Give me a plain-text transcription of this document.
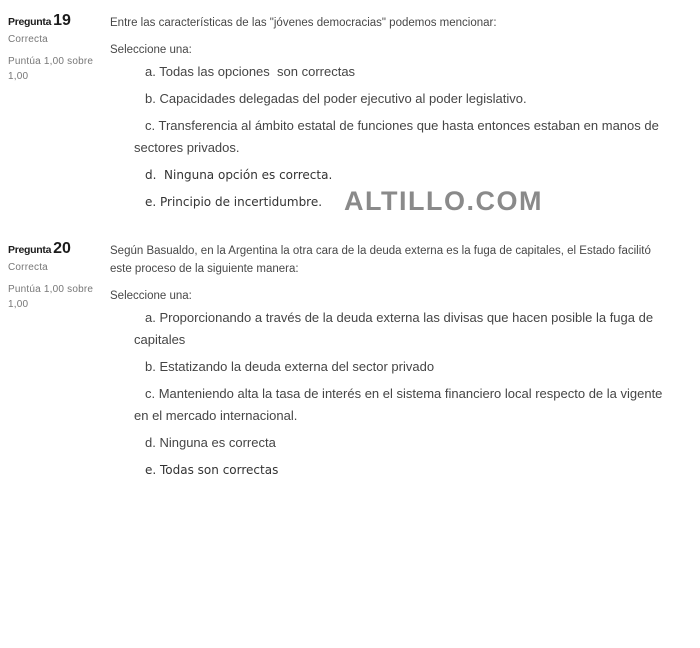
Pregunta 19
Correcta
Puntúa 1,00 sobre 1,00

Entre las características de las "jóvenes democracias" podemos mencionar:

Seleccione una:

a. Todas las opciones  son correctas

b. Capacidades delegadas del poder ejecutivo al poder legislativo.

c. Transferencia al ámbito estatal de funciones que hasta entonces estaban en manos de sectores privados.

d.  Ninguna opción es correcta.

e. Principio de incertidumbre.

Pregunta 20
Correcta
Puntúa 1,00 sobre 1,00

Según Basualdo, en la Argentina la otra cara de la deuda externa es la fuga de capitales, el Estado facilitó este proceso de la siguiente manera:

Seleccione una:

a. Proporcionando a través de la deuda externa las divisas que hacen posible la fuga de capitales

b. Estatizando la deuda externa del sector privado

c. Manteniendo alta la tasa de interés en el sistema financiero local respecto de la vigente en el mercado internacional.

d. Ninguna es correcta

e. Todas son correctas

ALTILLO.COM
